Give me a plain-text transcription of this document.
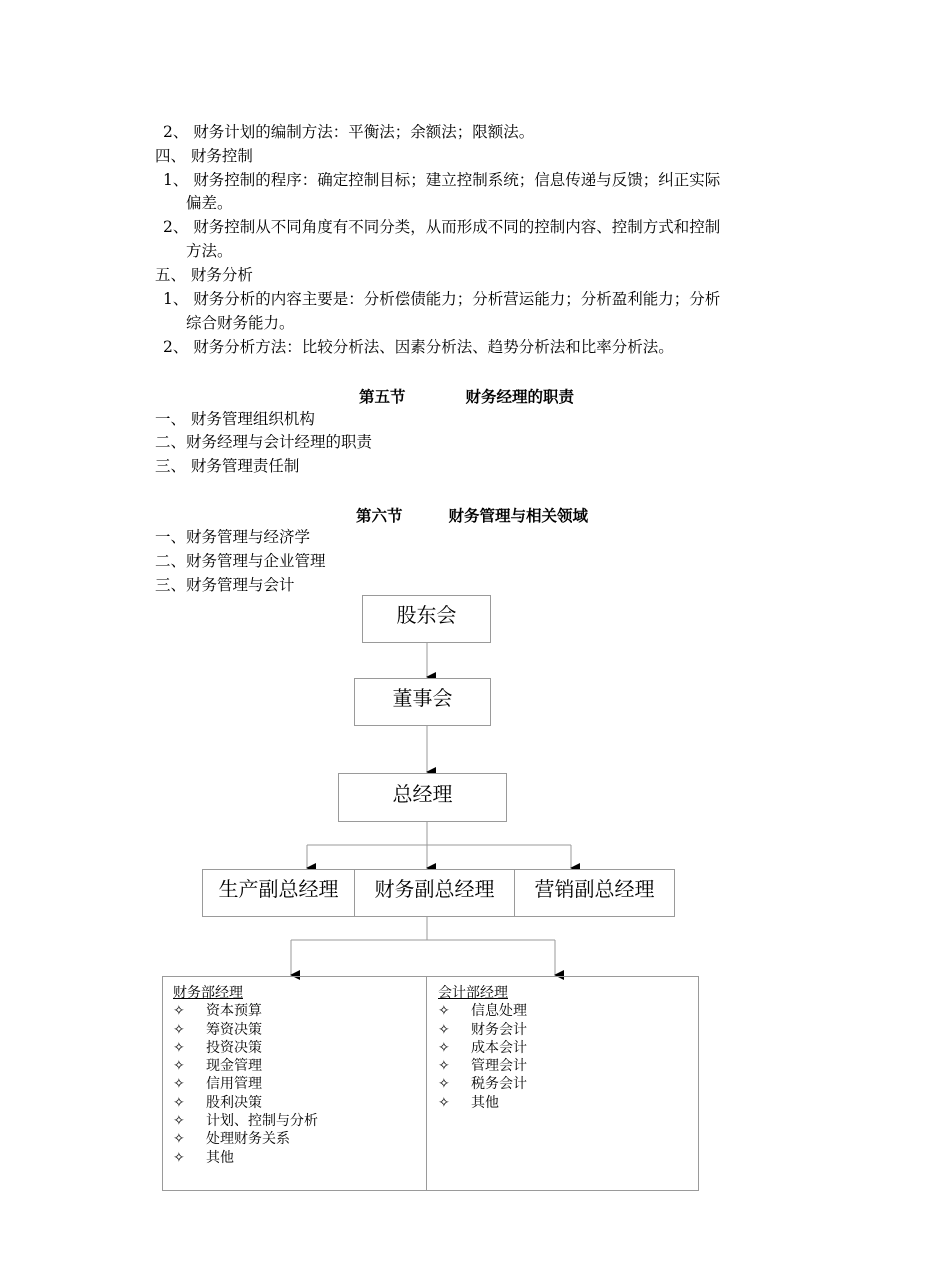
2、 财务计划的编制方法：平衡法；余额法；限额法。
四、 财务控制
1、 财务控制的程序：确定控制目标；建立控制系统；信息传递与反馈；纠正实际
偏差。
2、 财务控制从不同角度有不同分类，从而形成不同的控制内容、控制方式和控制
方法。
五、 财务分析
1、 财务分析的内容主要是：分析偿债能力；分析营运能力；分析盈利能力；分析
综合财务能力。
2、 财务分析方法：比较分析法、因素分析法、趋势分析法和比率分析法。
第五节	财务经理的职责
一、 财务管理组织机构
二、财务经理与会计经理的职责
三、 财务管理责任制
第六节	财务管理与相关领域
一、财务管理与经济学
二、财务管理与企业管理
三、财务管理与会计
股东会
董事会
总经理
生产副总经理	财务副总经理	营销副总经理
财务部经理
✧ 资本预算
✧ 筹资决策
✧ 投资决策
✧ 现金管理
✧ 信用管理
✧ 股利决策
✧ 计划、控制与分析
✧ 处理财务关系
✧ 其他
会计部经理
✧ 信息处理
✧ 财务会计
✧ 成本会计
✧ 管理会计
✧ 税务会计
✧ 其他
